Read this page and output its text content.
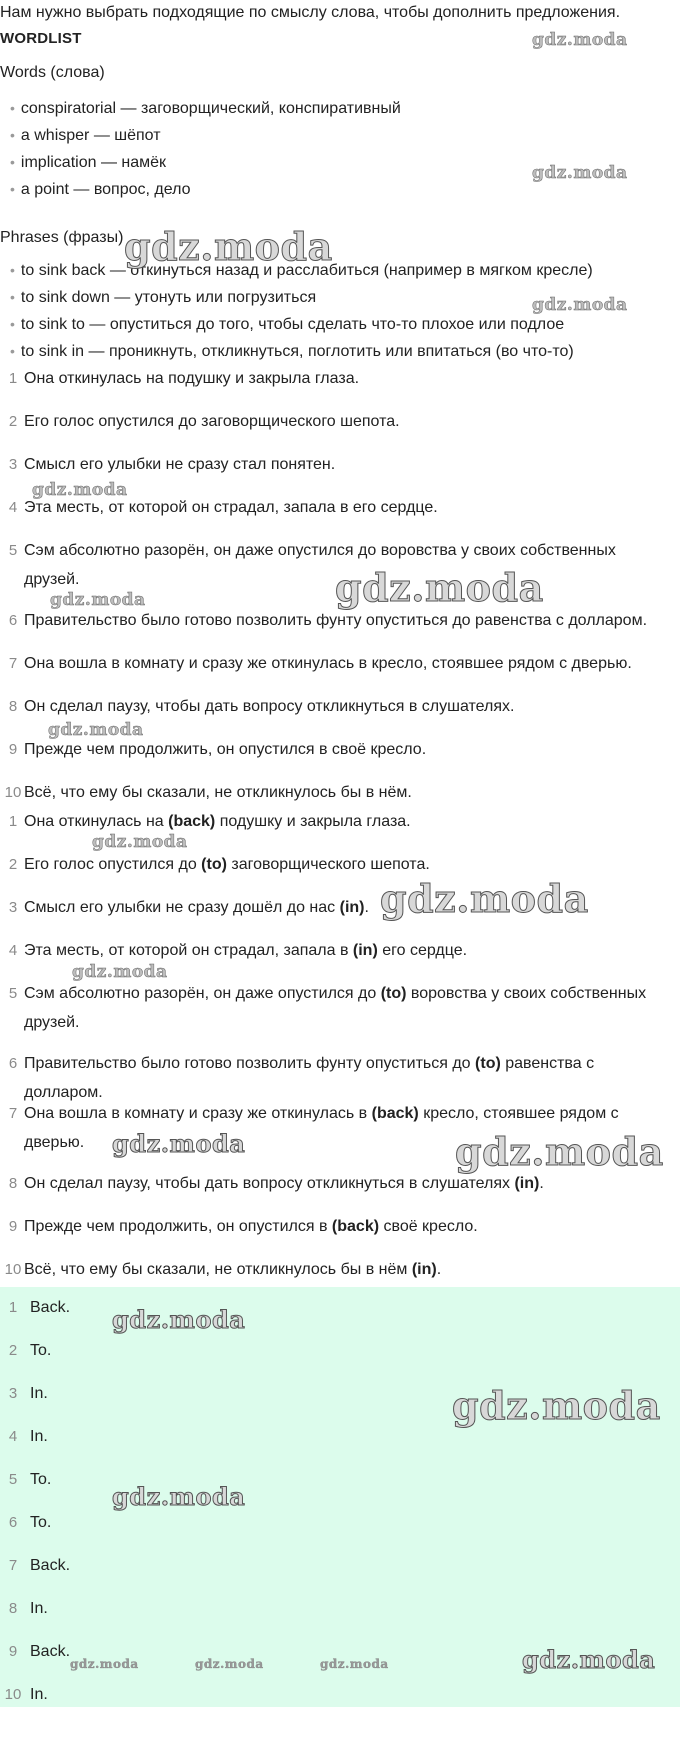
Нам нужно выбрать подходящие по смыслу слова, чтобы дополнить предложения.
WORDLIST
Words (слова)
• conspiratorial — заговорщический, конспиративный
• a whisper — шёпот
• implication — намёк
• a point — вопрос, дело
Phrases (фразы)
• to sink back — откинуться назад и расслабиться (например в мягком кресле)
• to sink down — утонуть или погрузиться
• to sink to — опуститься до того, чтобы сделать что-то плохое или подлое
• to sink in — проникнуть, откликнуться, поглотить или впитаться (во что-то)
1 Она откинулась на подушку и закрыла глаза.
2 Его голос опустился до заговорщического шепота.
3 Смысл его улыбки не сразу стал понятен.
4 Эта месть, от которой он страдал, запала в его сердце.
5 Сэм абсолютно разорён, он даже опустился до воровства у своих собственных друзей.
6 Правительство было готово позволить фунту опуститься до равенства с долларом.
7 Она вошла в комнату и сразу же откинулась в кресло, стоявшее рядом с дверью.
8 Он сделал паузу, чтобы дать вопросу откликнуться в слушателях.
9 Прежде чем продолжить, он опустился в своё кресло.
10 Всё, что ему бы сказали, не откликнулось бы в нём.
1 Она откинулась на (back) подушку и закрыла глаза.
2 Его голос опустился до (to) заговорщического шепота.
3 Смысл его улыбки не сразу дошёл до нас (in).
4 Эта месть, от которой он страдал, запала в (in) его сердце.
5 Сэм абсолютно разорён, он даже опустился до (to) воровства у своих собственных друзей.
6 Правительство было готово позволить фунту опуститься до (to) равенства с долларом.
7 Она вошла в комнату и сразу же откинулась в (back) кресло, стоявшее рядом с дверью.
8 Он сделал паузу, чтобы дать вопросу откликнуться в слушателях (in).
9 Прежде чем продолжить, он опустился в (back) своё кресло.
10 Всё, что ему бы сказали, не откликнулось бы в нём (in).
1 Back.
2 To.
3 In.
4 In.
5 To.
6 To.
7 Back.
8 In.
9 Back.
10 In.
gdz.moda
gdz.moda
gdz.moda
gdz.moda
gdz.moda
gdz.moda
gdz.moda
gdz.moda
gdz.moda
gdz.moda
gdz.moda
gdz.moda	gdz.moda
gdz.moda
gdz.moda
gdz.moda
gdz.moda
gdz.moda	gdz.moda	gdz.moda
